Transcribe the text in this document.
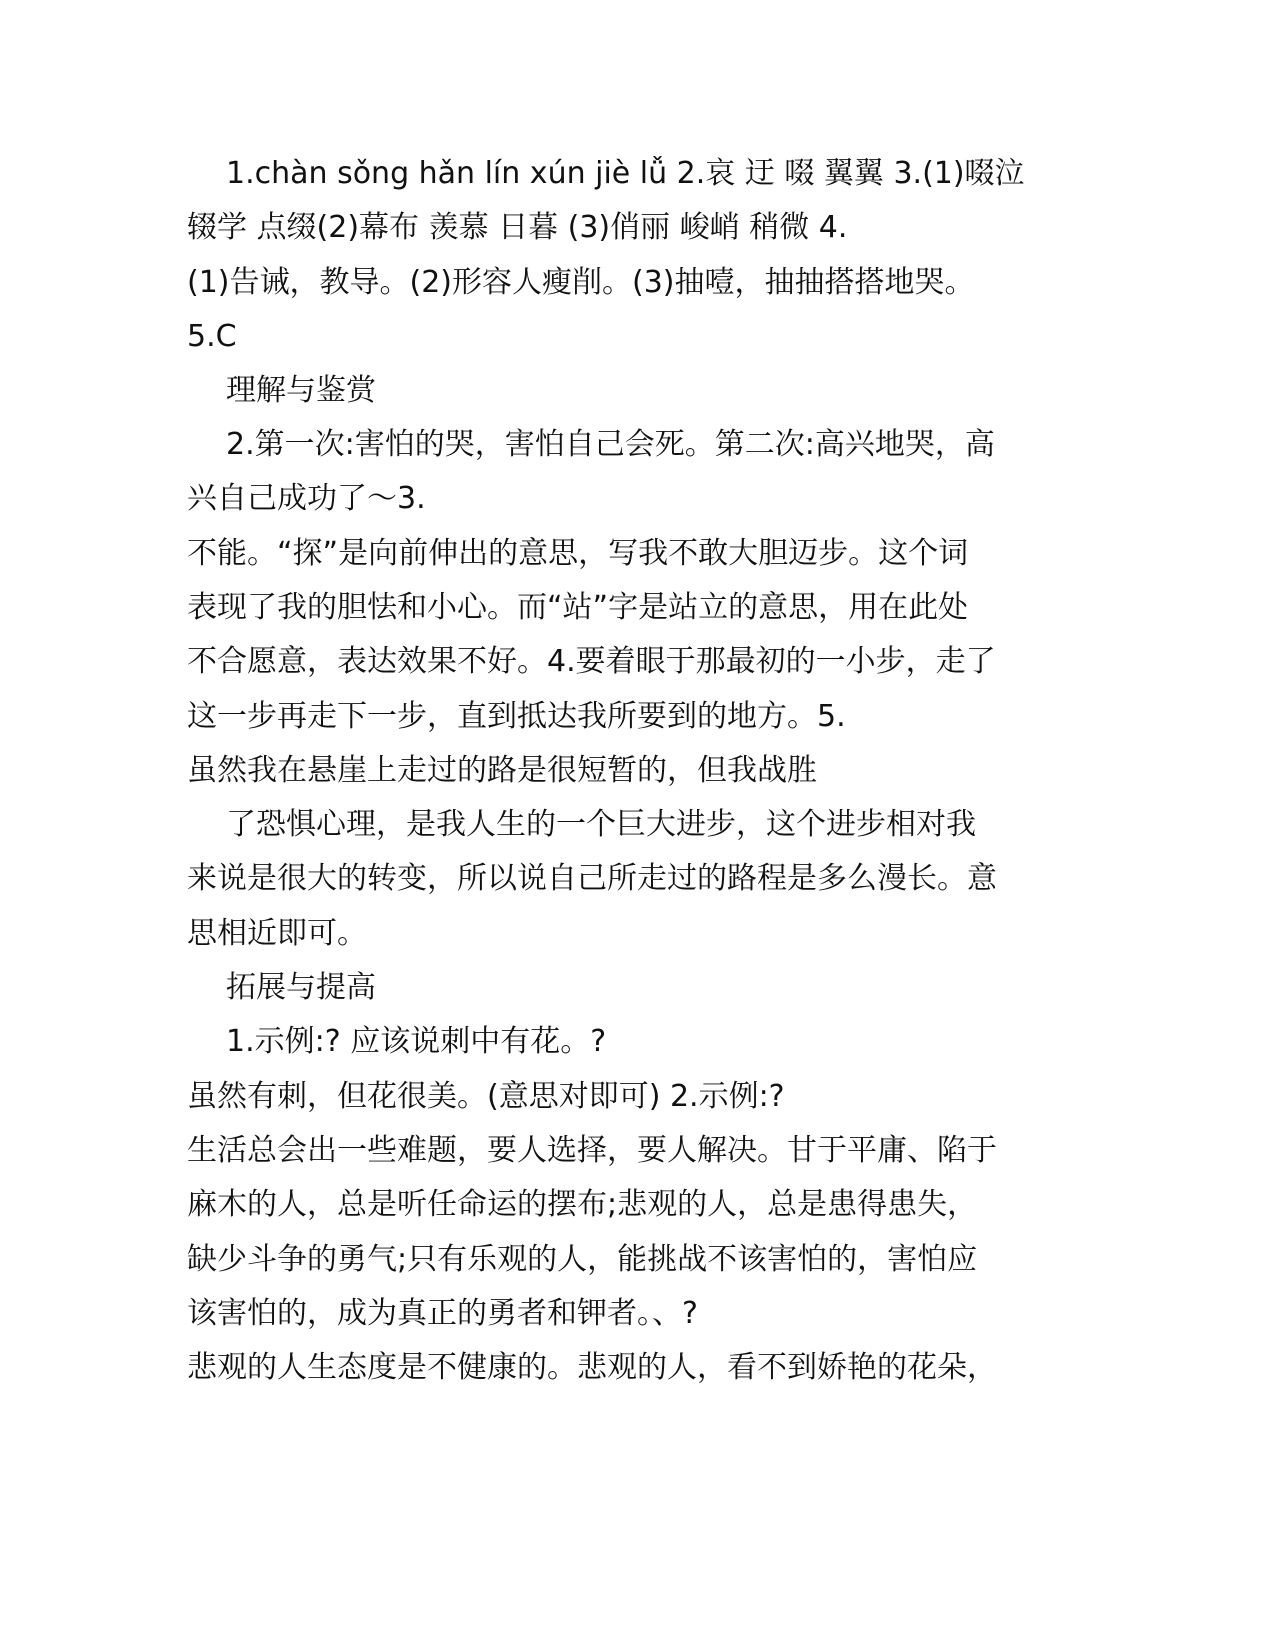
1.chàn sǒng hǎn lín xún jiè lǚ 2.哀 迂 啜 翼翼 3.(1)啜泣
辍学 点缀(2)幕布 羡慕 日暮 (3)俏丽 峻峭 稍微 4.
(1)告诫，教导。(2)形容人瘦削。(3)抽噎，抽抽搭搭地哭。
5.C
理解与鉴赏
2.第一次:害怕的哭，害怕自己会死。第二次:高兴地哭，高
兴自己成功了～3.
不能。“探”是向前伸出的意思，写我不敢大胆迈步。这个词
表现了我的胆怯和小心。而“站”字是站立的意思，用在此处
不合愿意，表达效果不好。4.要着眼于那最初的一小步，走了
这一步再走下一步，直到抵达我所要到的地方。5.
虽然我在悬崖上走过的路是很短暂的，但我战胜
了恐惧心理，是我人生的一个巨大进步，这个进步相对我
来说是很大的转变，所以说自己所走过的路程是多么漫长。意
思相近即可。
拓展与提高
1.示例:? 应该说刺中有花。?
虽然有刺，但花很美。(意思对即可) 2.示例:?
生活总会出一些难题，要人选择，要人解决。甘于平庸、陷于
麻木的人，总是听任命运的摆布;悲观的人，总是患得患失，
缺少斗争的勇气;只有乐观的人，能挑战不该害怕的，害怕应
该害怕的，成为真正的勇者和钾者。、?
悲观的人生态度是不健康的。悲观的人，看不到娇艳的花朵，
